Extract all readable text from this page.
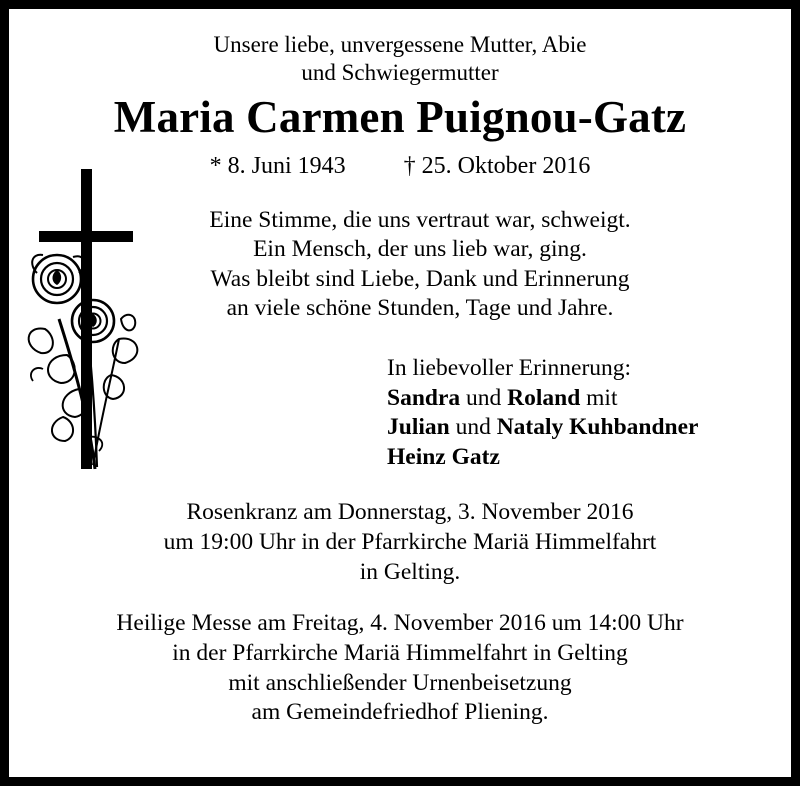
Unsere liebe, unvergessene Mutter, Abie
und Schwiegermutter

Maria Carmen Puignou-Gatz

* 8. Juni 1943 † 25. Oktober 2016

Eine Stimme, die uns vertraut war, schweigt.
Ein Mensch, der uns lieb war, ging.
Was bleibt sind Liebe, Dank und Erinnerung
an viele schöne Stunden, Tage und Jahre.
In liebevoller Erinnerung:
Sandra und Roland mit
Julian und Nataly Kuhbandner
Heinz Gatz
Rosenkranz am Donnerstag, 3. November 2016
um 19:00 Uhr in der Pfarrkirche Mariä Himmelfahrt
in Gelting.
Heilige Messe am Freitag, 4. November 2016 um 14:00 Uhr
in der Pfarrkirche Mariä Himmelfahrt in Gelting
mit anschließender Urnenbeisetzung
am Gemeindefriedhof Pliening.
